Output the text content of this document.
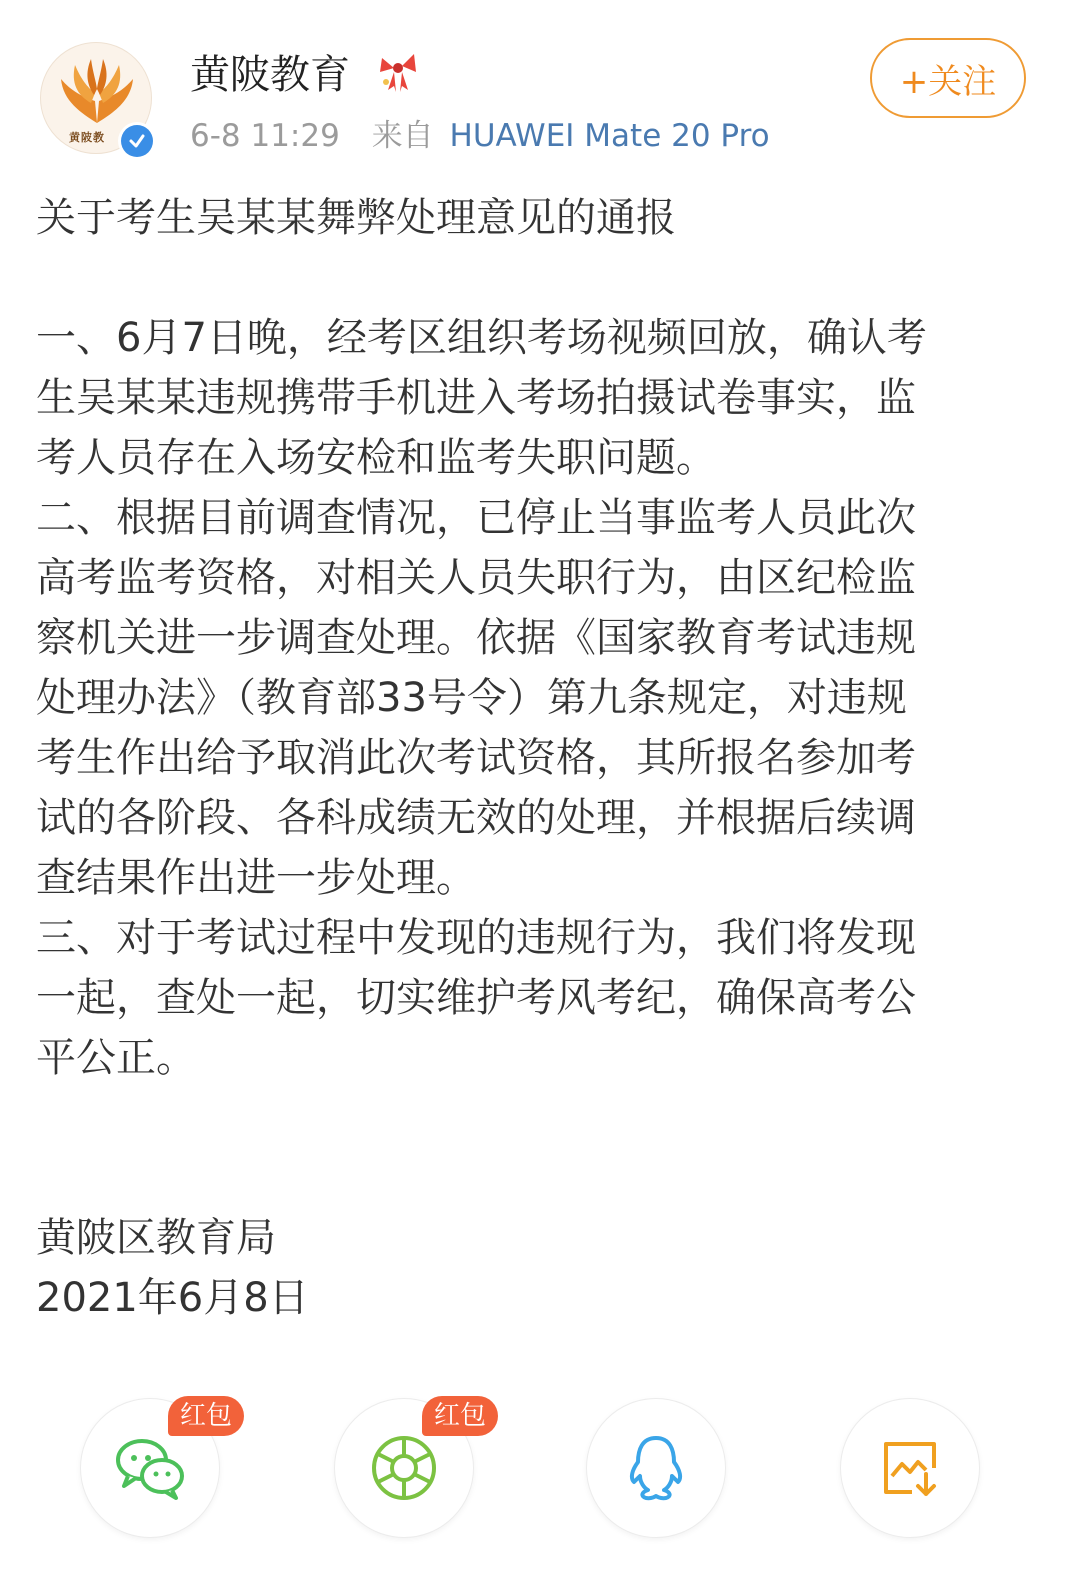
黄陂教
黄陂教育
6-8 11:29 来自 HUAWEI Mate 20 Pro
+关注
关于考生吴某某舞弊处理意见的通报

一、6月7日晚，经考区组织考场视频回放，确认考

生吴某某违规携带手机进入考场拍摄试卷事实，监

考人员存在入场安检和监考失职问题。

二、根据目前调查情况，已停止当事监考人员此次

高考监考资格，对相关人员失职行为，由区纪检监

察机关进一步调查处理。依据《国家教育考试违规

处理办法》（教育部33号令）第九条规定，对违规

考生作出给予取消此次考试资格，其所报名参加考

试的各阶段、各科成绩无效的处理，并根据后续调

查结果作出进一步处理。

三、对于考试过程中发现的违规行为，我们将发现

一起，查处一起，切实维护考风考纪，确保高考公

平公正。

黄陂区教育局

2021年6月8日

红包	红包
